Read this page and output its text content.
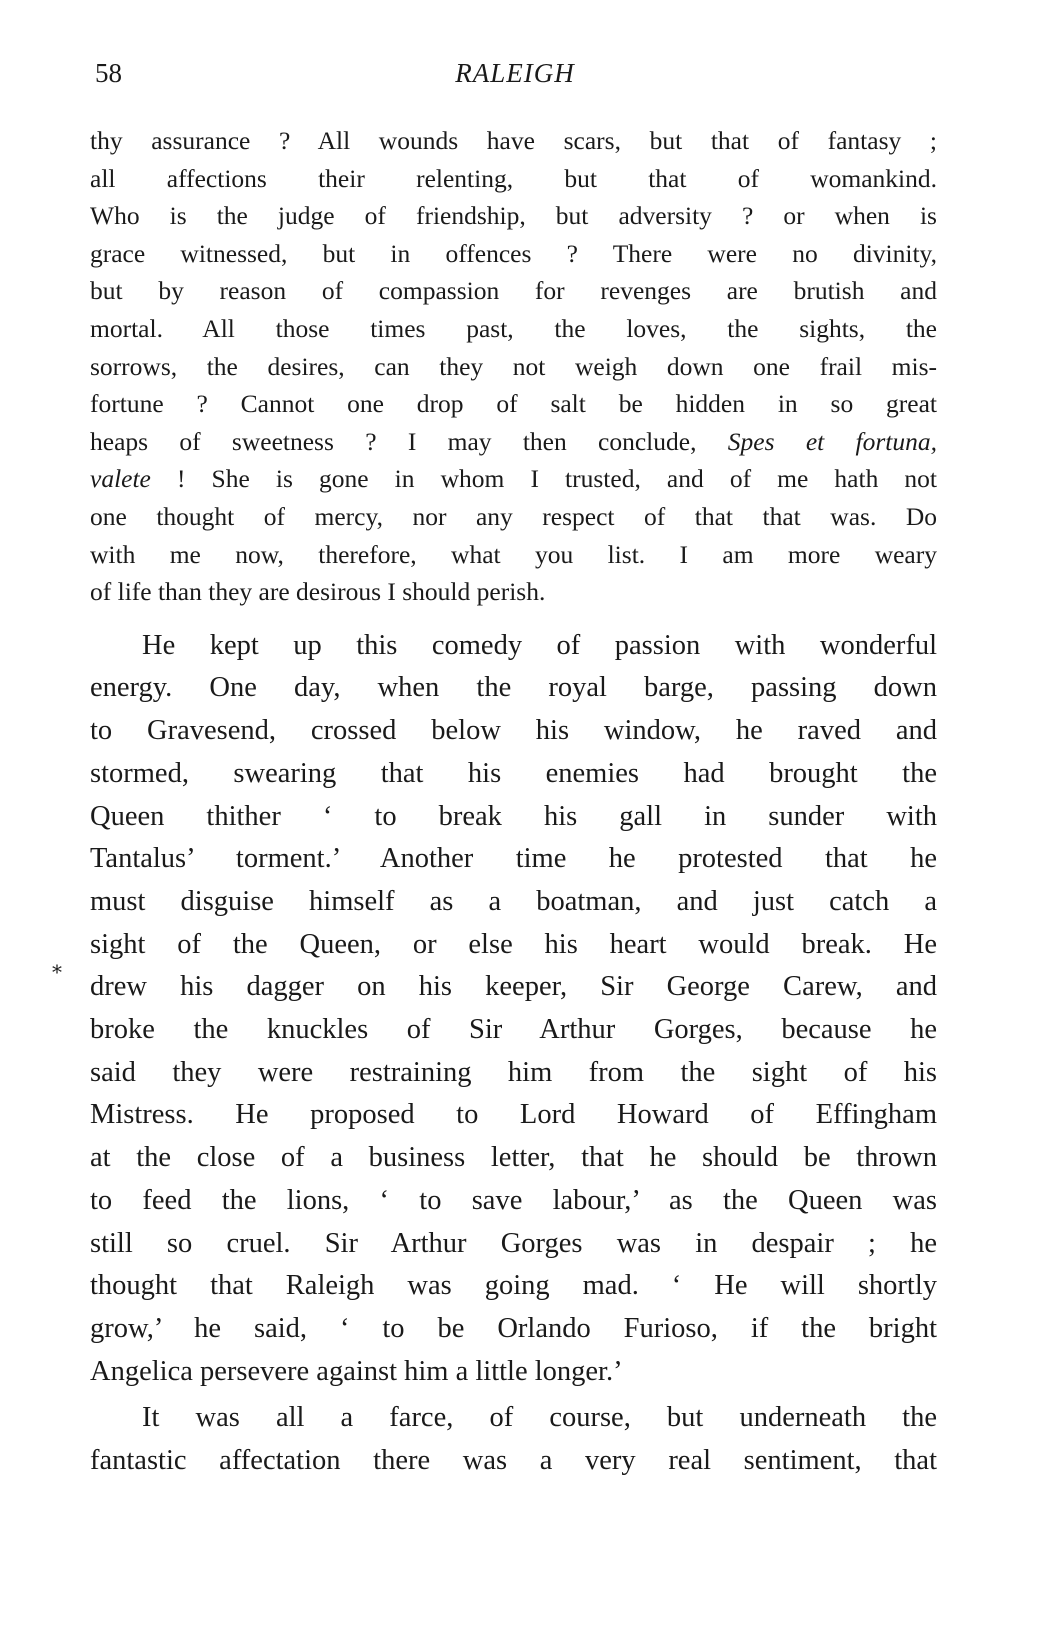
58	RALEIGH
*

thy assurance ? All wounds have scars, but that of fantasy ;
all affections their relenting, but that of womankind.
Who is the judge of friendship, but adversity ? or when is
grace witnessed, but in offences ? There were no divinity,
but by reason of compassion for revenges are brutish and
mortal. All those times past, the loves, the sights, the
sorrows, the desires, can they not weigh down one frail mis-
fortune ? Cannot one drop of salt be hidden in so great
heaps of sweetness ? I may then conclude, Spes et fortuna,
valete ! She is gone in whom I trusted, and of me hath not
one thought of mercy, nor any respect of that that was. Do
with me now, therefore, what you list. I am more weary
of life than they are desirous I should perish.

He kept up this comedy of passion with wonderful
energy. One day, when the royal barge, passing down
to Gravesend, crossed below his window, he raved and
stormed, swearing that his enemies had brought the
Queen thither ‘ to break his gall in sunder with
Tantalus’ torment.’ Another time he protested that he
must disguise himself as a boatman, and just catch a
sight of the Queen, or else his heart would break. He
drew his dagger on his keeper, Sir George Carew, and
broke the knuckles of Sir Arthur Gorges, because he
said they were restraining him from the sight of his
Mistress. He proposed to Lord Howard of Effingham
at the close of a business letter, that he should be thrown
to feed the lions, ‘ to save labour,’ as the Queen was
still so cruel. Sir Arthur Gorges was in despair ; he
thought that Raleigh was going mad. ‘ He will shortly
grow,’ he said, ‘ to be Orlando Furioso, if the bright
Angelica persevere against him a little longer.’

It was all a farce, of course, but underneath the
fantastic affectation there was a very real sentiment, that
